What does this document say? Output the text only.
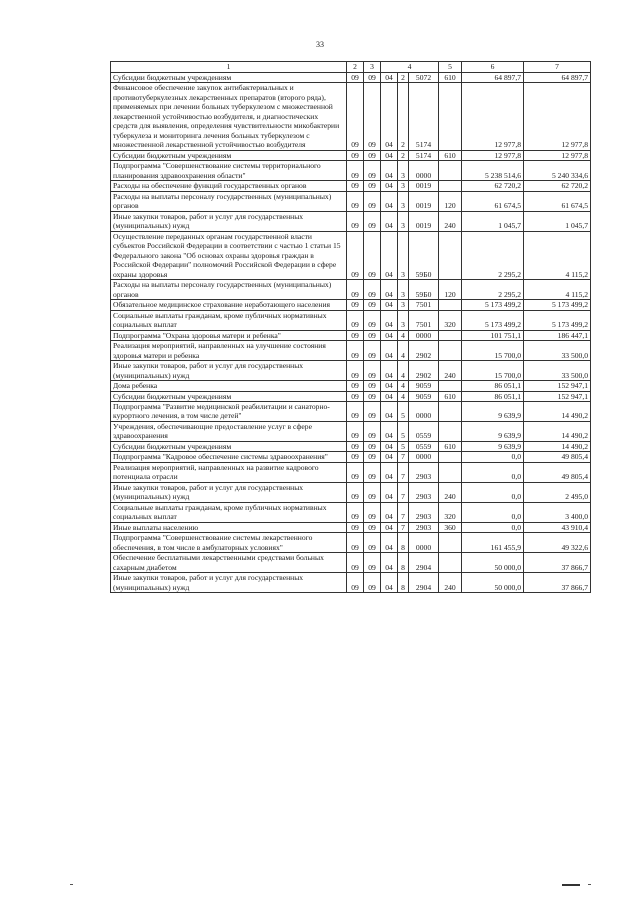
33
1	2	3	4			5	6	7
Субсидии бюджетным учреждениям	09	09	04	2	5072	610	64 897,7	64 897,7
Финансовое обеспечение закупок антибактериальных и противотуберкулезных лекарственных препаратов (второго ряда), применяемых при лечении больных туберкулезом с множественной лекарственной устойчивостью возбудителя, и диагностических средств для выявления, определения чувствительности микобактерии туберкулеза и мониторинга лечения больных туберкулезом с множественной лекарственной устойчивостью возбудителя	09	09	04	2	5174		12 977,8	12 977,8
Субсидии бюджетным учреждениям	09	09	04	2	5174	610	12 977,8	12 977,8
Подпрограмма "Совершенствование системы территориального планирования здравоохранения области"	09	09	04	3	0000		5 238 514,6	5 240 334,6
Расходы на обеспечение функций государственных органов	09	09	04	3	0019		62 720,2	62 720,2
Расходы на выплаты персоналу государственных (муниципальных) органов	09	09	04	3	0019	120	61 674,5	61 674,5
Иные закупки товаров, работ и услуг для государственных (муниципальных) нужд	09	09	04	3	0019	240	1 045,7	1 045,7
Осуществление переданных органам государственной власти субъектов Российской Федерации в соответствии с частью 1 статьи 15 Федерального закона "Об основах охраны здоровья граждан в Российской Федерации" полномочий Российской Федерации в сфере охраны здоровья	09	09	04	3	59Б0		2 295,2	4 115,2
Расходы на выплаты персоналу государственных (муниципальных) органов	09	09	04	3	59Б0	120	2 295,2	4 115,2
Обязательное медицинское страхование неработающего населения	09	09	04	3	7501		5 173 499,2	5 173 499,2
Социальные выплаты гражданам, кроме публичных нормативных социальных выплат	09	09	04	3	7501	320	5 173 499,2	5 173 499,2
Подпрограмма "Охрана здоровья матери и ребенка"	09	09	04	4	0000		101 751,1	186 447,1
Реализация мероприятий, направленных на улучшение состояния здоровья матери и ребенка	09	09	04	4	2902		15 700,0	33 500,0
Иные закупки товаров, работ и услуг для государственных (муниципальных) нужд	09	09	04	4	2902	240	15 700,0	33 500,0
Дома ребенка	09	09	04	4	9059		86 051,1	152 947,1
Субсидии бюджетным учреждениям	09	09	04	4	9059	610	86 051,1	152 947,1
Подпрограмма "Развитие медицинской реабилитации и санаторно-курортного лечения, в том числе детей"	09	09	04	5	0000		9 639,9	14 490,2
Учреждения, обеспечивающие предоставление услуг в сфере здравоохранения	09	09	04	5	0559		9 639,9	14 490,2
Субсидии бюджетным учреждениям	09	09	04	5	0559	610	9 639,9	14 490,2
Подпрограмма "Кадровое обеспечение системы здравоохранения"	09	09	04	7	0000		0,0	49 805,4
Реализация мероприятий, направленных на развитие кадрового потенциала отрасли	09	09	04	7	2903		0,0	49 805,4
Иные закупки товаров, работ и услуг для государственных (муниципальных) нужд	09	09	04	7	2903	240	0,0	2 495,0
Социальные выплаты гражданам, кроме публичных нормативных социальных выплат	09	09	04	7	2903	320	0,0	3 400,0
Иные выплаты населению	09	09	04	7	2903	360	0,0	43 910,4
Подпрограмма "Совершенствование системы лекарственного обеспечения, в том числе в амбулаторных условиях"	09	09	04	8	0000		161 455,9	49 322,6
Обеспечение бесплатными лекарственными средствами больных сахарным диабетом	09	09	04	8	2904		50 000,0	37 866,7
Иные закупки товаров, работ и услуг для государственных (муниципальных) нужд	09	09	04	8	2904	240	50 000,0	37 866,7
